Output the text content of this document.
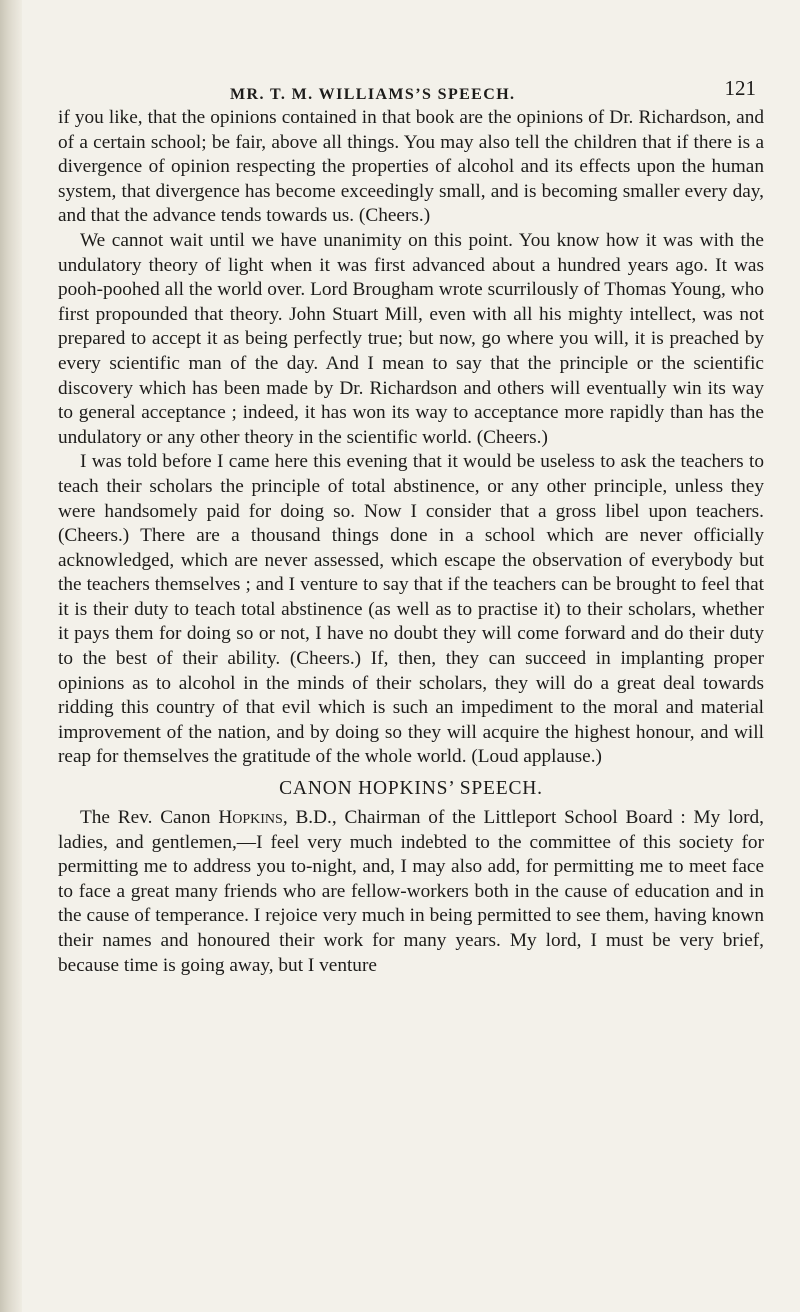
MR. T. M. WILLIAMS’S SPEECH.	121

if you like, that the opinions contained in that book are the opinions of Dr. Richardson, and of a certain school; be fair, above all things. You may also tell the children that if there is a divergence of opinion respecting the properties of alcohol and its effects upon the human system, that divergence has become exceedingly small, and is becoming smaller every day, and that the advance tends towards us. (Cheers.)

We cannot wait until we have unanimity on this point. You know how it was with the undulatory theory of light when it was first advanced about a hundred years ago. It was pooh-poohed all the world over. Lord Brougham wrote scurrilously of Thomas Young, who first propounded that theory. John Stuart Mill, even with all his mighty intellect, was not prepared to accept it as being perfectly true; but now, go where you will, it is preached by every scientific man of the day. And I mean to say that the principle or the scientific discovery which has been made by Dr. Richardson and others will eventually win its way to general acceptance ; indeed, it has won its way to acceptance more rapidly than has the undulatory or any other theory in the scientific world. (Cheers.)

I was told before I came here this evening that it would be useless to ask the teachers to teach their scholars the principle of total abstinence, or any other principle, unless they were handsomely paid for doing so. Now I consider that a gross libel upon teachers. (Cheers.) There are a thousand things done in a school which are never officially acknowledged, which are never assessed, which escape the observation of everybody but the teachers themselves ; and I venture to say that if the teachers can be brought to feel that it is their duty to teach total abstinence (as well as to practise it) to their scholars, whether it pays them for doing so or not, I have no doubt they will come forward and do their duty to the best of their ability. (Cheers.) If, then, they can succeed in implanting proper opinions as to alcohol in the minds of their scholars, they will do a great deal towards ridding this country of that evil which is such an impediment to the moral and material improvement of the nation, and by doing so they will acquire the highest honour, and will reap for themselves the gratitude of the whole world. (Loud applause.)

CANON HOPKINS’ SPEECH.

The Rev. Canon Hopkins, B.D., Chairman of the Littleport School Board : My lord, ladies, and gentlemen,—I feel very much indebted to the committee of this society for permitting me to address you to-night, and, I may also add, for permitting me to meet face to face a great many friends who are fellow-workers both in the cause of education and in the cause of temperance. I rejoice very much in being permitted to see them, having known their names and honoured their work for many years. My lord, I must be very brief, because time is going away, but I venture
